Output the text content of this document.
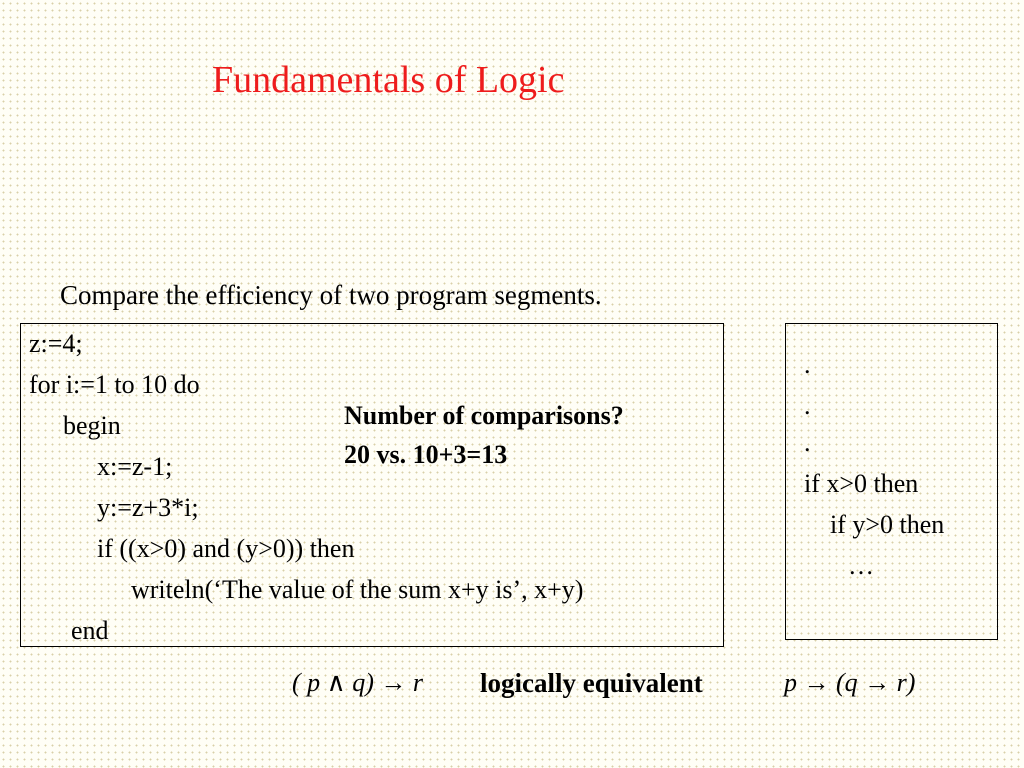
Fundamentals of Logic
Compare the efficiency of two program segments.
z:=4;
for i:=1 to 10 do
begin
x:=z-1;
y:=z+3*i;
if ((x>0) and (y>0)) then
writeln(‘The value of the sum x+y is’, x+y)
end
Number of comparisons?
20 vs. 10+3=13
.
.
.
if x>0 then
if y>0 then
…
( p ∧ q) → r logically equivalent	p → (q → r)
